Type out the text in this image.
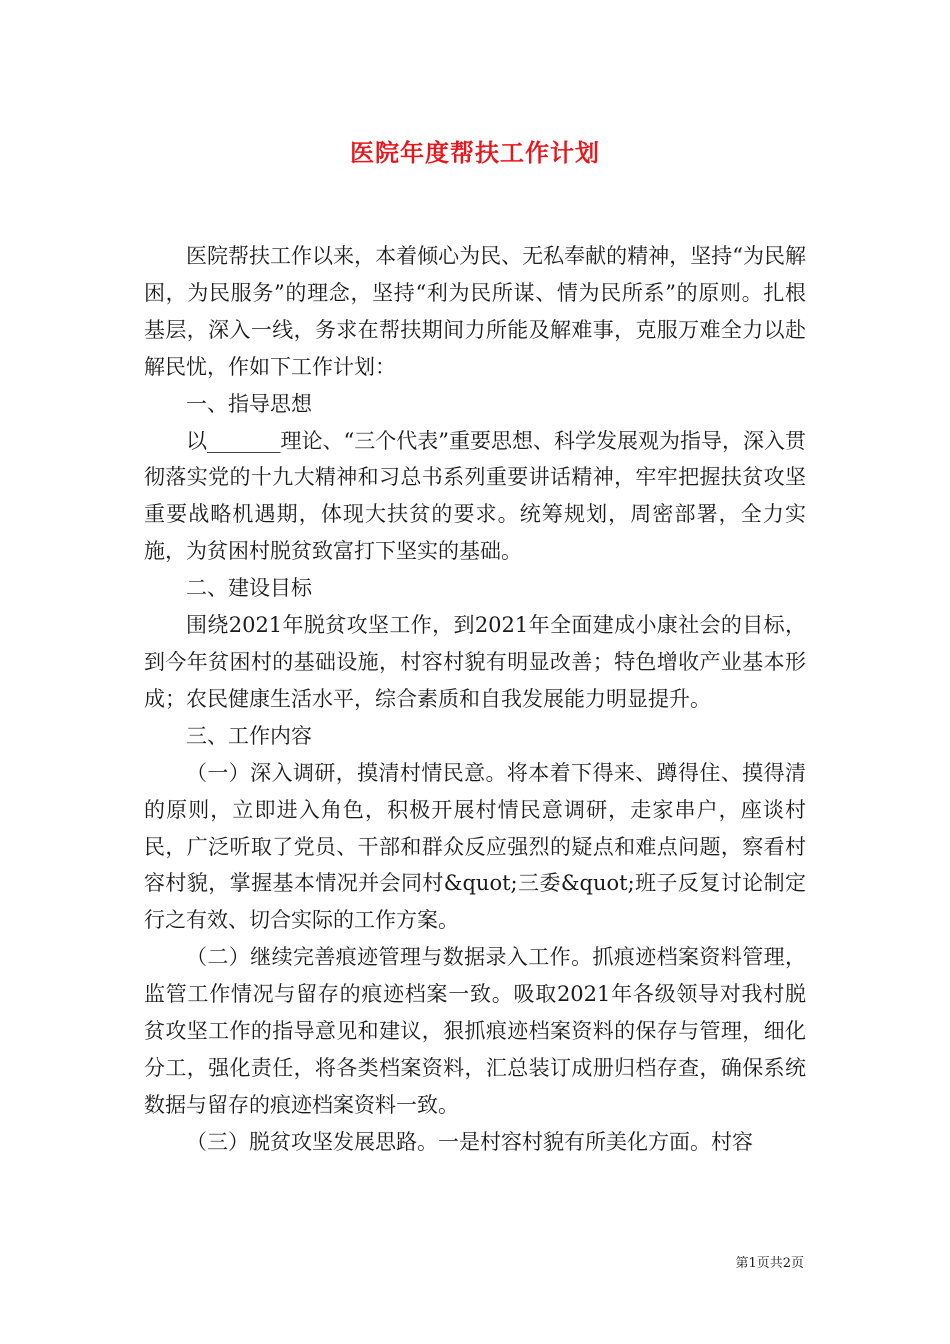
医院年度帮扶工作计划

医院帮扶工作以来，本着倾心为民、无私奉献的精神，坚持“为民解困，为民服务”的理念，坚持“利为民所谋、情为民所系”的原则。扎根基层，深入一线，务求在帮扶期间力所能及解难事，克服万难全力以赴解民忧，作如下工作计划：

一、指导思想

以_______理论、“三个代表”重要思想、科学发展观为指导，深入贯彻落实党的十九大精神和习总书系列重要讲话精神，牢牢把握扶贫攻坚重要战略机遇期，体现大扶贫的要求。统筹规划，周密部署，全力实施，为贫困村脱贫致富打下坚实的基础。

二、建设目标

围绕2021年脱贫攻坚工作，到2021年全面建成小康社会的目标，到今年贫困村的基础设施，村容村貌有明显改善；特色增收产业基本形成；农民健康生活水平，综合素质和自我发展能力明显提升。

三、工作内容

（一）深入调研，摸清村情民意。将本着下得来、蹲得住、摸得清的原则，立即进入角色，积极开展村情民意调研，走家串户，座谈村民，广泛听取了党员、干部和群众反应强烈的疑点和难点问题，察看村容村貌，掌握基本情况并会同村&quot;三委&quot;班子反复讨论制定行之有效、切合实际的工作方案。

（二）继续完善痕迹管理与数据录入工作。抓痕迹档案资料管理，监管工作情况与留存的痕迹档案一致。吸取2021年各级领导对我村脱贫攻坚工作的指导意见和建议，狠抓痕迹档案资料的保存与管理，细化分工，强化责任，将各类档案资料，汇总装订成册归档存查，确保系统数据与留存的痕迹档案资料一致。

（三）脱贫攻坚发展思路。一是村容村貌有所美化方面。村容

第1页共2页
